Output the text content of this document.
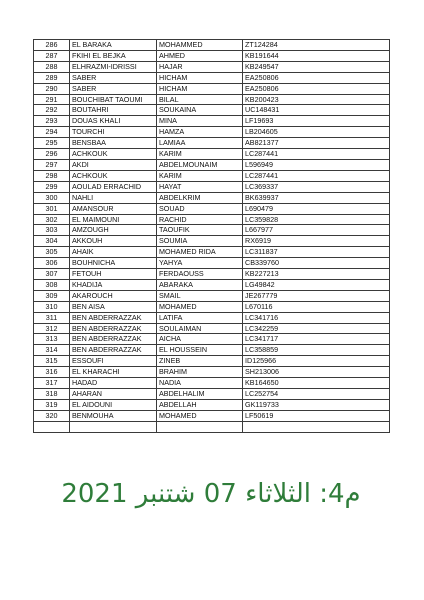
286	EL BARAKA	MOHAMMED	ZT124284
287	FKIHI EL BEJKA	AHMED	KB191644
288	ELHRAZMI-IDRISSI	HAJAR	KB249547
289	SABER	HICHAM	EA250806
290	SABER	HICHAM	EA250806
291	BOUCHIBAT TAOUMI	BILAL	KB200423
292	BOUTAHRI	SOUKAINA	UC148431
293	DOUAS KHALI	MINA	LF19693
294	TOURCHI	HAMZA	LB204605
295	BENSBAA	LAMIAA	AB821377
296	ACHKOUK	KARIM	LC287441
297	AKDI	ABDELMOUNAIM	L596949
298	ACHKOUK	KARIM	LC287441
299	AOULAD ERRACHID	HAYAT	LC369337
300	NAHLI	ABDELKRIM	BK639937
301	AMANSOUR	SOUAD	L690479
302	EL MAIMOUNI	RACHID	LC359828
303	AMZOUGH	TAOUFIK	L667977
304	AKKOUH	SOUMIA	RX6919
305	AHAIK	MOHAMED RIDA	LC311837
306	BOUHNICHA	YAHYA	CB339760
307	FETOUH	FERDAOUSS	KB227213
308	KHADIJA	ABARAKA	LG49842
309	AKAROUCH	SMAIL	JE267779
310	BEN AISA	MOHAMED	L670116
311	BEN ABDERRAZZAK	LATIFA	LC341716
312	BEN ABDERRAZZAK	SOULAIMAN	LC342259
313	BEN ABDERRAZZAK	AICHA	LC341717
314	BEN ABDERRAZZAK	EL HOUSSEIN	LC358859
315	ESSOUFI	ZINEB	ID125966
316	EL KHARACHI	BRAHIM	SH213006
317	HADAD	NADIA	KB164650
318	AHARAN	ABDELHALIM	LC252754
319	EL AIDOUNI	ABDELLAH	GK119733
320	BENMOUHA	MOHAMED	LF50619

م4: الثلاثاء 07 شتنبر 2021
